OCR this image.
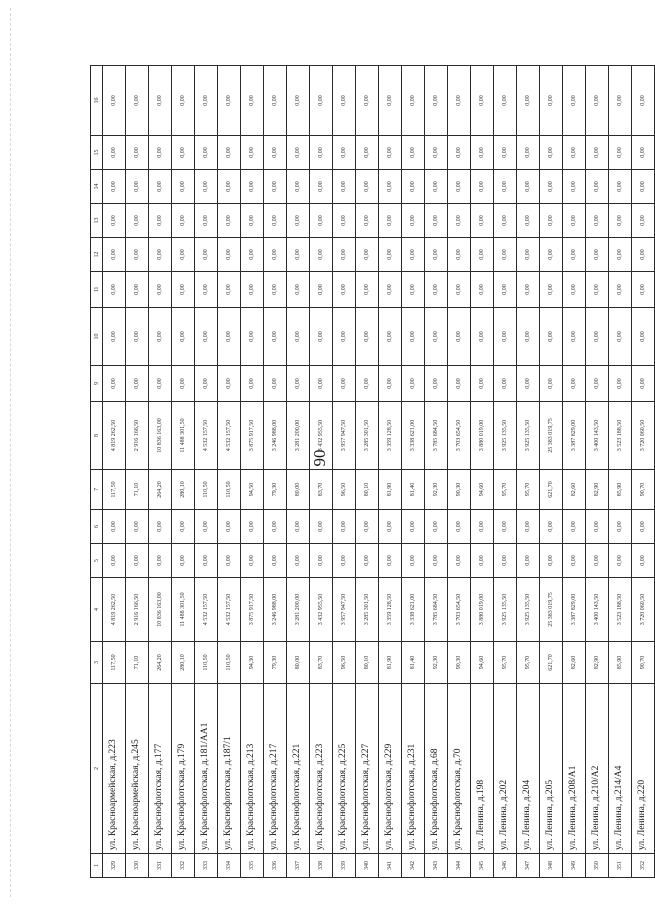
90
1	2	3	4	5	6	7	8	9	10	11	12	13	14	15	16
329	ул. Красноармейская, д.223	117,50	4 819 262,50	0,00	0,00	117,50	4 819 262,50	0,00	0,00	0,00	0,00	0,00	0,00	0,00	0,00
330	ул. Красноармейская, д.245	71,10	2 916 166,50	0,00	0,00	71,10	2 916 166,50	0,00	0,00	0,00	0,00	0,00	0,00	0,00	0,00
331	ул. Краснофлотская, д.177	264,20	10 836 163,00	0,00	0,00	264,20	10 836 163,00	0,00	0,00	0,00	0,00	0,00	0,00	0,00	0,00
332	ул. Краснофлотская, д.179	280,10	11 488 301,50	0,00	0,00	280,10	11 488 301,50	0,00	0,00	0,00	0,00	0,00	0,00	0,00	0,00
333	ул. Краснофлотская, д.181/АА1	110,50	4 532 157,50	0,00	0,00	110,50	4 532 157,50	0,00	0,00	0,00	0,00	0,00	0,00	0,00	0,00
334	ул. Краснофлотская, д.187/1	110,50	4 532 157,50	0,00	0,00	110,50	4 532 157,50	0,00	0,00	0,00	0,00	0,00	0,00	0,00	0,00
335	ул. Краснофлотская, д.213	94,30	3 875 917,50	0,00	0,00	94,50	3 875 917,50	0,00	0,00	0,00	0,00	0,00	0,00	0,00	0,00
336	ул. Краснофлотская, д.217	79,30	3 246 988,00	0,00	0,00	79,30	3 246 988,00	0,00	0,00	0,00	0,00	0,00	0,00	0,00	0,00
337	ул. Краснофлотская, д.221	80,00	3 281 200,00	0,00	0,00	80,00	3 281 200,00	0,00	0,00	0,00	0,00	0,00	0,00	0,00	0,00
338	ул. Краснофлотская, д.223	83,70	3 432 955,50	0,00	0,00	83,70	3 432 955,50	0,00	0,00	0,00	0,00	0,00	0,00	0,00	0,00
339	ул. Краснофлотская, д.225	96,50	3 957 947,50	0,00	0,00	96,50	3 957 947,50	0,00	0,00	0,00	0,00	0,00	0,00	0,00	0,00
340	ул. Краснофлотская, д.227	80,10	3 285 301,50	0,00	0,00	80,10	3 285 301,50	0,00	0,00	0,00	0,00	0,00	0,00	0,00	0,00
341	ул. Краснофлотская, д.229	81,90	3 359 128,50	0,00	0,00	81,90	3 359 128,50	0,00	0,00	0,00	0,00	0,00	0,00	0,00	0,00
342	ул. Краснофлотская, д.231	81,40	3 338 621,00	0,00	0,00	81,40	3 338 621,00	0,00	0,00	0,00	0,00	0,00	0,00	0,00	0,00
343	ул. Краснофлотская, д.68	92,30	3 785 684,50	0,00	0,00	92,30	3 785 684,50	0,00	0,00	0,00	0,00	0,00	0,00	0,00	0,00
344	ул. Краснофлотская, д.70	90,30	3 703 654,50	0,00	0,00	90,30	3 703 654,50	0,00	0,00	0,00	0,00	0,00	0,00	0,00	0,00
345	ул. Ленина, д.198	94,60	3 880 019,00	0,00	0,00	94,60	3 880 019,00	0,00	0,00	0,00	0,00	0,00	0,00	0,00	0,00
346	ул. Ленина, д.202	95,70	3 925 135,50	0,00	0,00	95,70	3 925 135,50	0,00	0,00	0,00	0,00	0,00	0,00	0,00	0,00
347	ул. Ленина, д.204	95,70	3 925 135,50	0,00	0,00	95,70	3 925 135,50	0,00	0,00	0,00	0,00	0,00	0,00	0,00	0,00
348	ул. Ленина, д.205	621,70	25 383 019,75	0,00	0,00	621,70	25 383 019,75	0,00	0,00	0,00	0,00	0,00	0,00	0,00	0,00
349	ул. Ленина, д.208/А1	82,60	3 387 829,00	0,00	0,00	82,60	3 387 829,00	0,00	0,00	0,00	0,00	0,00	0,00	0,00	0,00
350	ул. Ленина, д.210/А2	82,90	3 400 143,50	0,00	0,00	82,90	3 400 143,50	0,00	0,00	0,00	0,00	0,00	0,00	0,00	0,00
351	ул. Ленина, д.214/А4	85,90	3 523 188,50	0,00	0,00	85,90	3 523 188,50	0,00	0,00	0,00	0,00	0,00	0,00	0,00	0,00
352	ул. Ленина, д.220	90,70	3 720 060,50	0,00	0,00	90,70	3 720 060,50	0,00	0,00	0,00	0,00	0,00	0,00	0,00	0,00
